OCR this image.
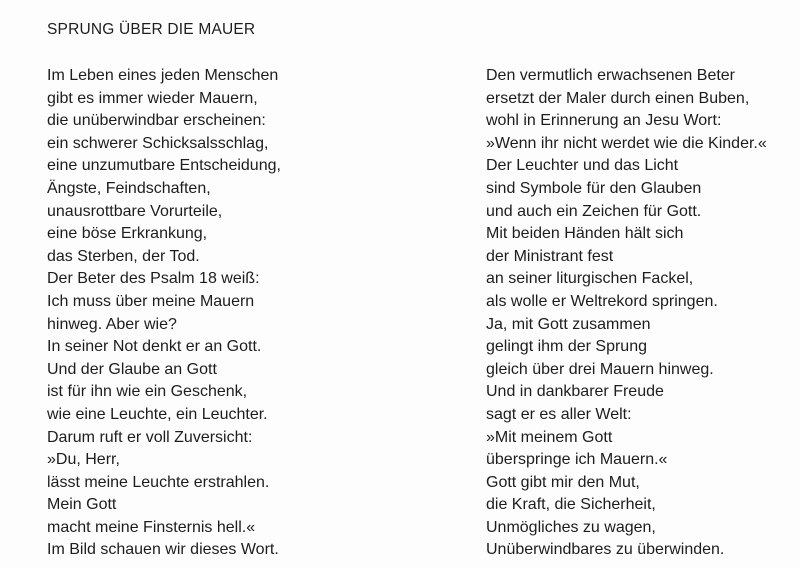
SPRUNG ÜBER DIE MAUER
Im Leben eines jeden Menschen
gibt es immer wieder Mauern,
die unüberwindbar erscheinen:
ein schwerer Schicksalsschlag,
eine unzumutbare Entscheidung,
Ängste, Feindschaften,
unausrottbare Vorurteile,
eine böse Erkrankung,
das Sterben, der Tod.
Der Beter des Psalm 18 weiß:
Ich muss über meine Mauern
hinweg. Aber wie?
In seiner Not denkt er an Gott.
Und der Glaube an Gott
ist für ihn wie ein Geschenk,
wie eine Leuchte, ein Leuchter.
Darum ruft er voll Zuversicht:
»Du, Herr,
lässt meine Leuchte erstrahlen.
Mein Gott
macht meine Finsternis hell.«
Im Bild schauen wir dieses Wort.
Den vermutlich erwachsenen Beter
ersetzt der Maler durch einen Buben,
wohl in Erinnerung an Jesu Wort:
»Wenn ihr nicht werdet wie die Kinder.«
Der Leuchter und das Licht
sind Symbole für den Glauben
und auch ein Zeichen für Gott.
Mit beiden Händen hält sich
der Ministrant fest
an seiner liturgischen Fackel,
als wolle er Weltrekord springen.
Ja, mit Gott zusammen
gelingt ihm der Sprung
gleich über drei Mauern hinweg.
Und in dankbarer Freude
sagt er es aller Welt:
»Mit meinem Gott
überspringe ich Mauern.«
Gott gibt mir den Mut,
die Kraft, die Sicherheit,
Unmögliches zu wagen,
Unüberwindbares zu überwinden.
